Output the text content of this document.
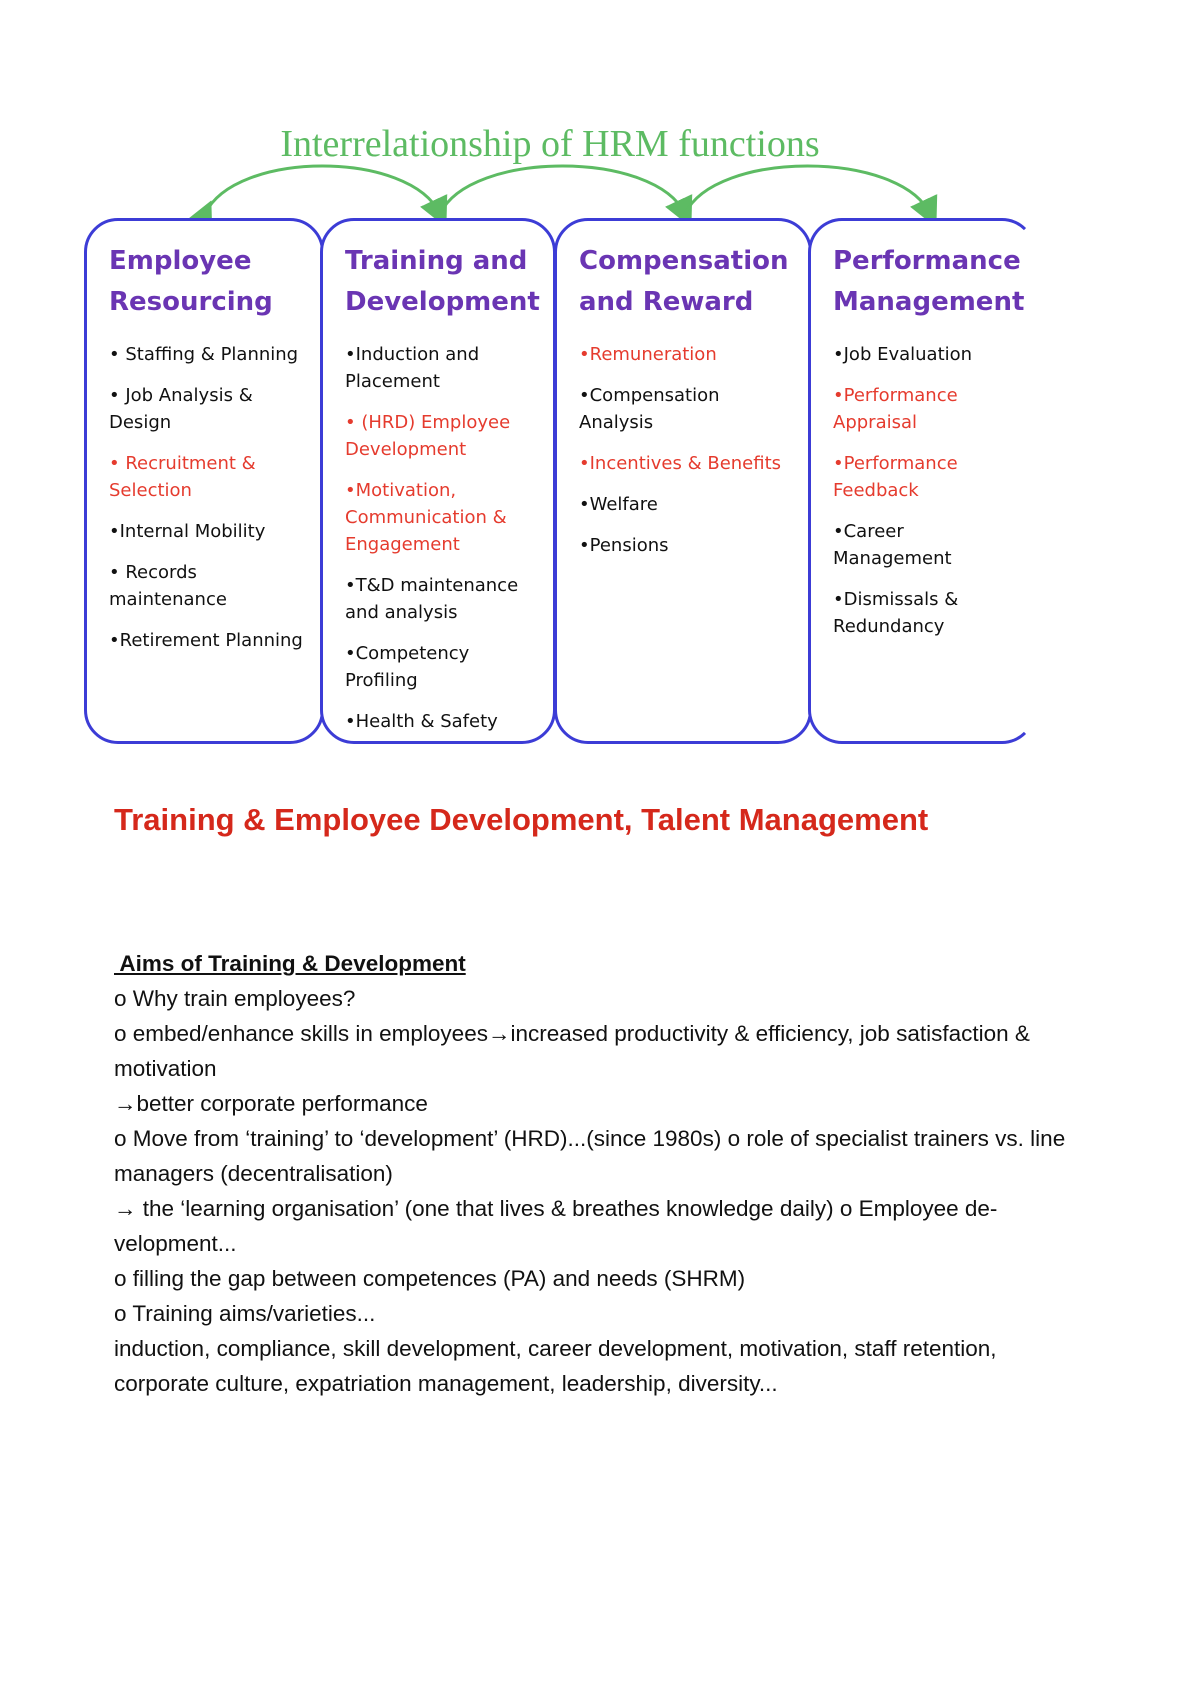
Interrelationship of HRM functions
Employee
Resourcing
• Staffing & Planning
• Job Analysis & Design
• Recruitment & Selection
•Internal Mobility
• Records maintenance
•Retirement Planning
Training and
Development
•Induction and Placement
• (HRD) Employee Development
•Motivation, Communication & Engagement
•T&D maintenance and analysis
•Competency Profiling
•Health & Safety
Compensation
and Reward
•Remuneration
•Compensation Analysis
•Incentives & Benefits
•Welfare
•Pensions
Performance
Management
•Job Evaluation
•Performance Appraisal
•Performance Feedback
•Career Management
•Dismissals & Redundancy
Training & Employee Development, Talent Management

Aims of Training & Development

o Why train employees?

o embed/enhance skills in employees→increased productivity & efficiency, job satisfaction & motivation

→better corporate performance

o Move from ‘training’ to ‘development’ (HRD)...(since 1980s) o role of specialist trainers vs. line managers (decentralisation)

→ the ‘learning organisation’ (one that lives & breathes knowledge daily) o Employee de-velopment...

o filling the gap between competences (PA) and needs (SHRM)

o Training aims/varieties...

induction, compliance, skill development, career development, motivation, staff retention, corporate culture, expatriation management, leadership, diversity...
